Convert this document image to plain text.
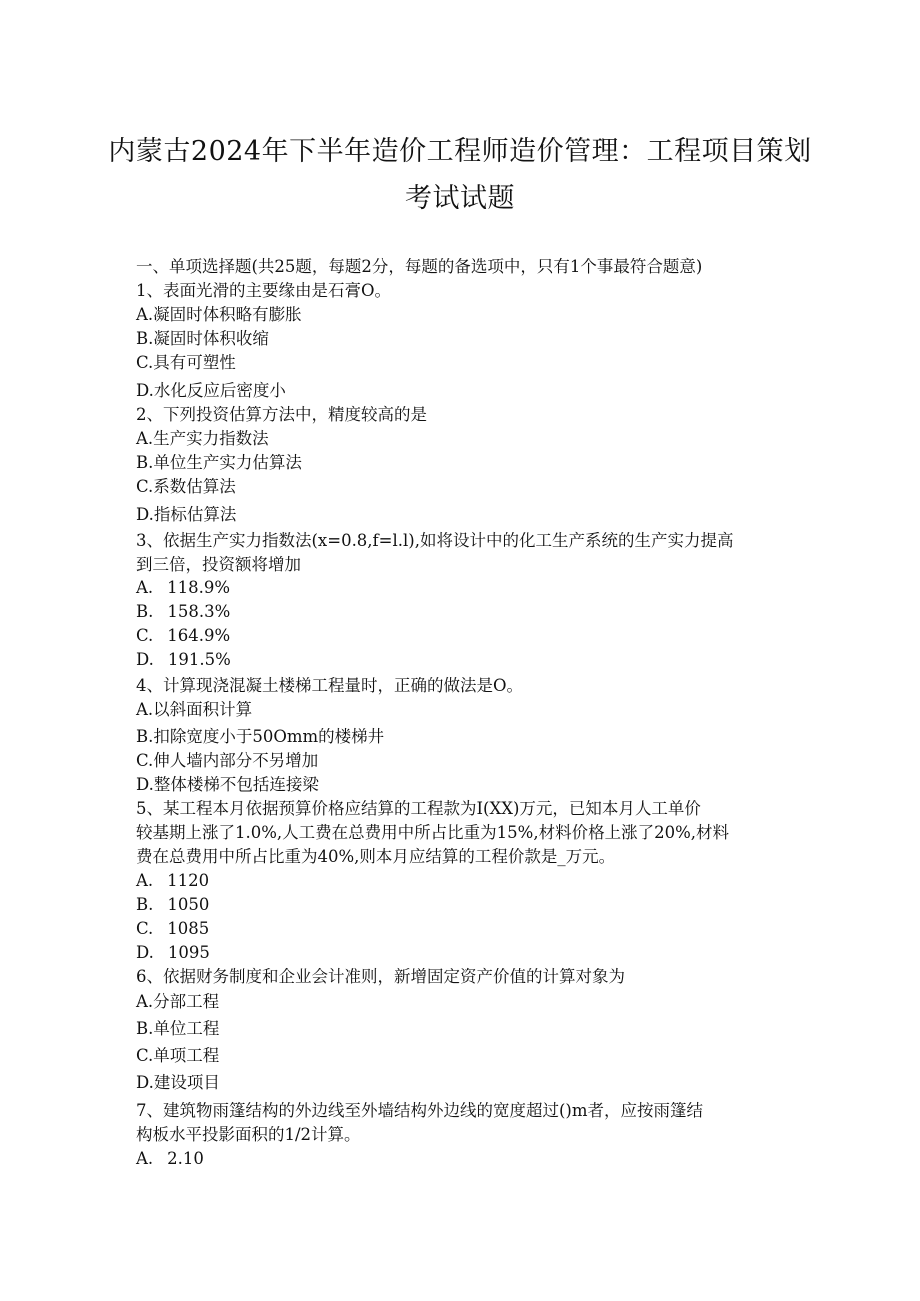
内蒙古2024年下半年造价工程师造价管理：工程项目策划
考试试题
一、单项选择题(共25题，每题2分，每题的备选项中，只有1个事最符合题意)
1、表面光滑的主要缘由是石膏O。
A.凝固时体积略有膨胀
B.凝固时体积收缩
C.具有可塑性
D.水化反应后密度小
2、下列投资估算方法中，精度较高的是
A.生产实力指数法
B.单位生产实力估算法
C.系数估算法
D.指标估算法
3、依据生产实力指数法(x=0.8,f=l.l),如将设计中的化工生产系统的生产实力提高
到三倍，投资额将增加
A. 118.9%
B. 158.3%
C. 164.9%
D. 191.5%
4、计算现浇混凝土楼梯工程量时，正确的做法是O。
A.以斜面积计算
B.扣除宽度小于50Omm的楼梯井
C.伸人墙内部分不另增加
D.整体楼梯不包括连接梁
5、某工程本月依据预算价格应结算的工程款为I(XX)万元，已知本月人工单价
较基期上涨了1.0%,人工费在总费用中所占比重为15%,材料价格上涨了20%,材料
费在总费用中所占比重为40%,则本月应结算的工程价款是_万元。
A. 1120
B. 1050
C. 1085
D. 1095
6、依据财务制度和企业会计准则，新增固定资产价值的计算对象为
A.分部工程
B.单位工程
C.单项工程
D.建设项目
7、建筑物雨篷结构的外边线至外墙结构外边线的宽度超过()m者，应按雨篷结
构板水平投影面积的1/2计算。
A. 2.10
